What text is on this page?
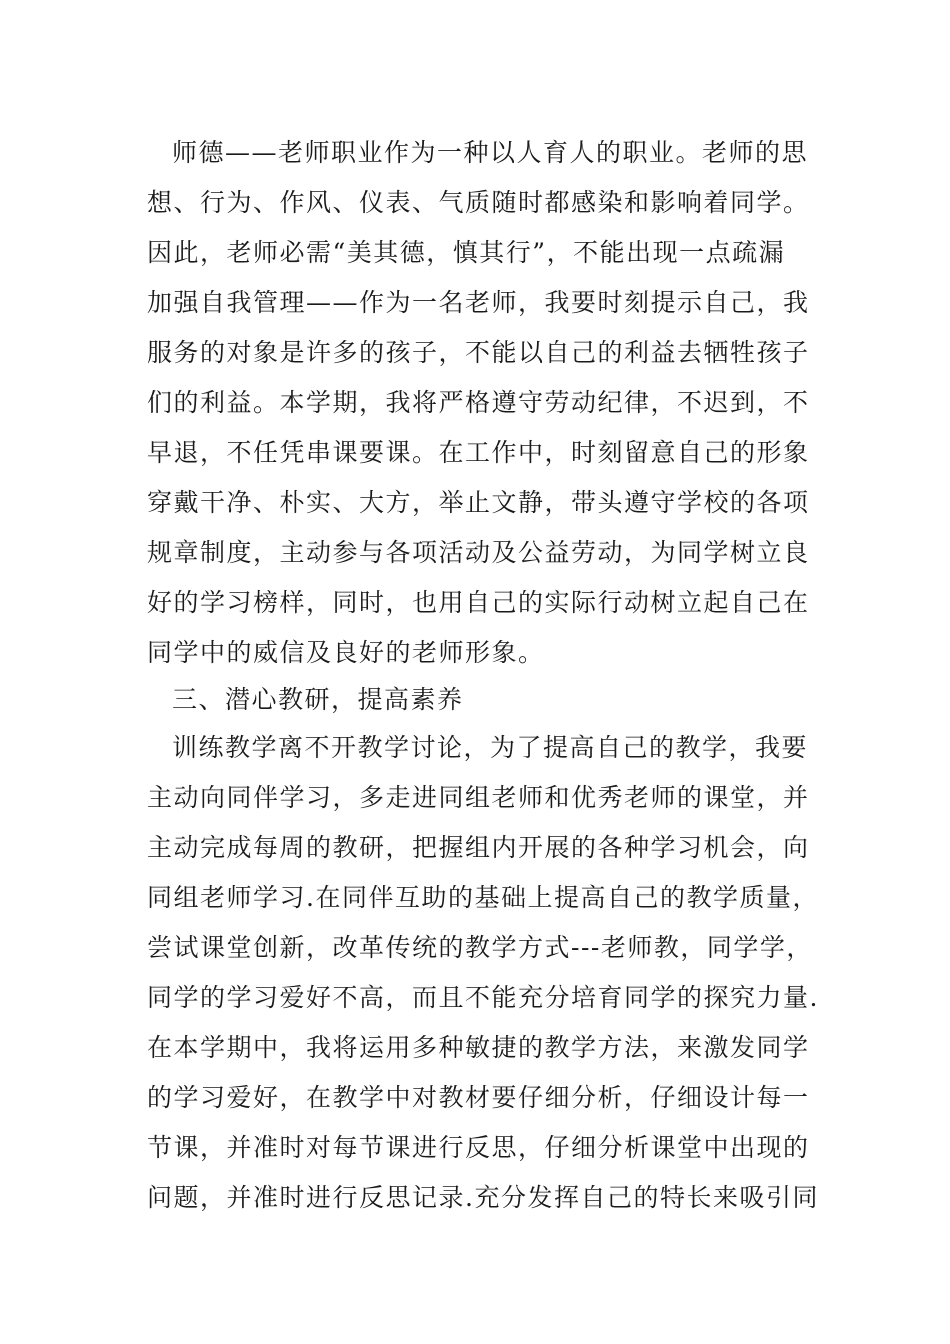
师德——老师职业作为一种以人育人的职业。老师的思
想、行为、作风、仪表、气质随时都感染和影响着同学。
因此，老师必需“美其德，慎其行”，不能出现一点疏漏
加强自我管理——作为一名老师，我要时刻提示自己，我
服务的对象是许多的孩子，不能以自己的利益去牺牲孩子
们的利益。本学期，我将严格遵守劳动纪律，不迟到，不
早退，不任凭串课要课。在工作中，时刻留意自己的形象
穿戴干净、朴实、大方，举止文静，带头遵守学校的各项
规章制度，主动参与各项活动及公益劳动，为同学树立良
好的学习榜样，同时，也用自己的实际行动树立起自己在
同学中的威信及良好的老师形象。
三、潜心教研，提高素养
训练教学离不开教学讨论，为了提高自己的教学，我要
主动向同伴学习，多走进同组老师和优秀老师的课堂，并
主动完成每周的教研，把握组内开展的各种学习机会，向
同组老师学习.在同伴互助的基础上提高自己的教学质量，
尝试课堂创新，改革传统的教学方式---老师教，同学学，
同学的学习爱好不高，而且不能充分培育同学的探究力量.
在本学期中，我将运用多种敏捷的教学方法，来激发同学
的学习爱好，在教学中对教材要仔细分析，仔细设计每一
节课，并准时对每节课进行反思，仔细分析课堂中出现的
问题，并准时进行反思记录.充分发挥自己的特长来吸引同
